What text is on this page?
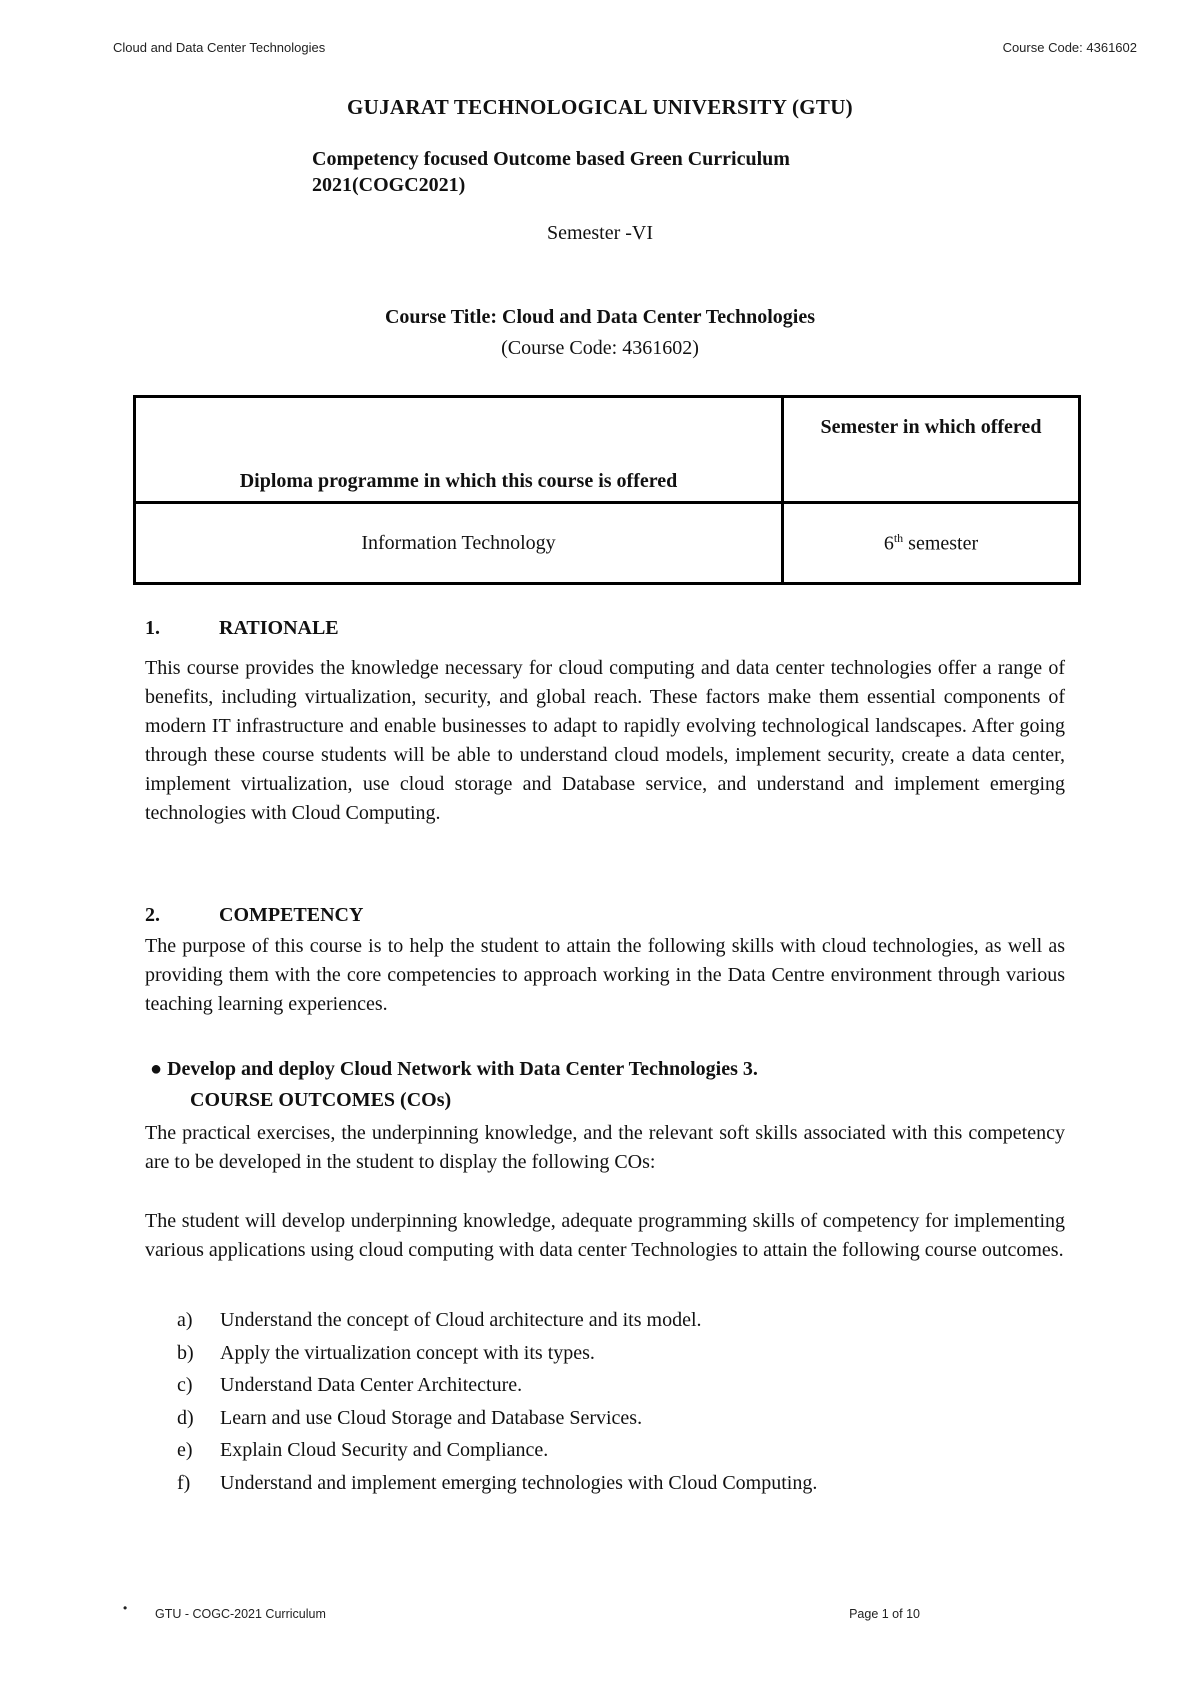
Cloud and Data Center Technologies	Course Code: 4361602
GUJARAT TECHNOLOGICAL UNIVERSITY (GTU)
Competency focused Outcome based Green Curriculum
2021(COGC2021)
Semester -VI
Course Title: Cloud and Data Center Technologies
(Course Code: 4361602)
Diploma programme in which this course is offered	Semester in which offered
Information Technology	6th semester
1.	RATIONALE
This course provides the knowledge necessary for cloud computing and data center technologies offer a range of benefits, including virtualization, security, and global reach. These factors make them essential components of modern IT infrastructure and enable businesses to adapt to rapidly evolving technological landscapes. After going through these course students will be able to understand cloud models, implement security, create a data center, implement virtualization, use cloud storage and Database service, and understand and implement emerging technologies with Cloud Computing.
2.	COMPETENCY
The purpose of this course is to help the student to attain the following skills with cloud technologies, as well as providing them with the core competencies to approach working in the Data Centre environment through various teaching learning experiences.
● Develop and deploy Cloud Network with Data Center Technologies 3.
COURSE OUTCOMES (COs)
The practical exercises, the underpinning knowledge, and the relevant soft skills associated with this competency are to be developed in the student to display the following COs:
The student will develop underpinning knowledge, adequate programming skills of competency for implementing various applications using cloud computing with data center Technologies to attain the following course outcomes.
a) Understand the concept of Cloud architecture and its model.
b) Apply the virtualization concept with its types.
c) Understand Data Center Architecture.
d) Learn and use Cloud Storage and Database Services.
e) Explain Cloud Security and Compliance.
f) Understand and implement emerging technologies with Cloud Computing.
• GTU - COGC-2021 Curriculum	Page 1 of 10
